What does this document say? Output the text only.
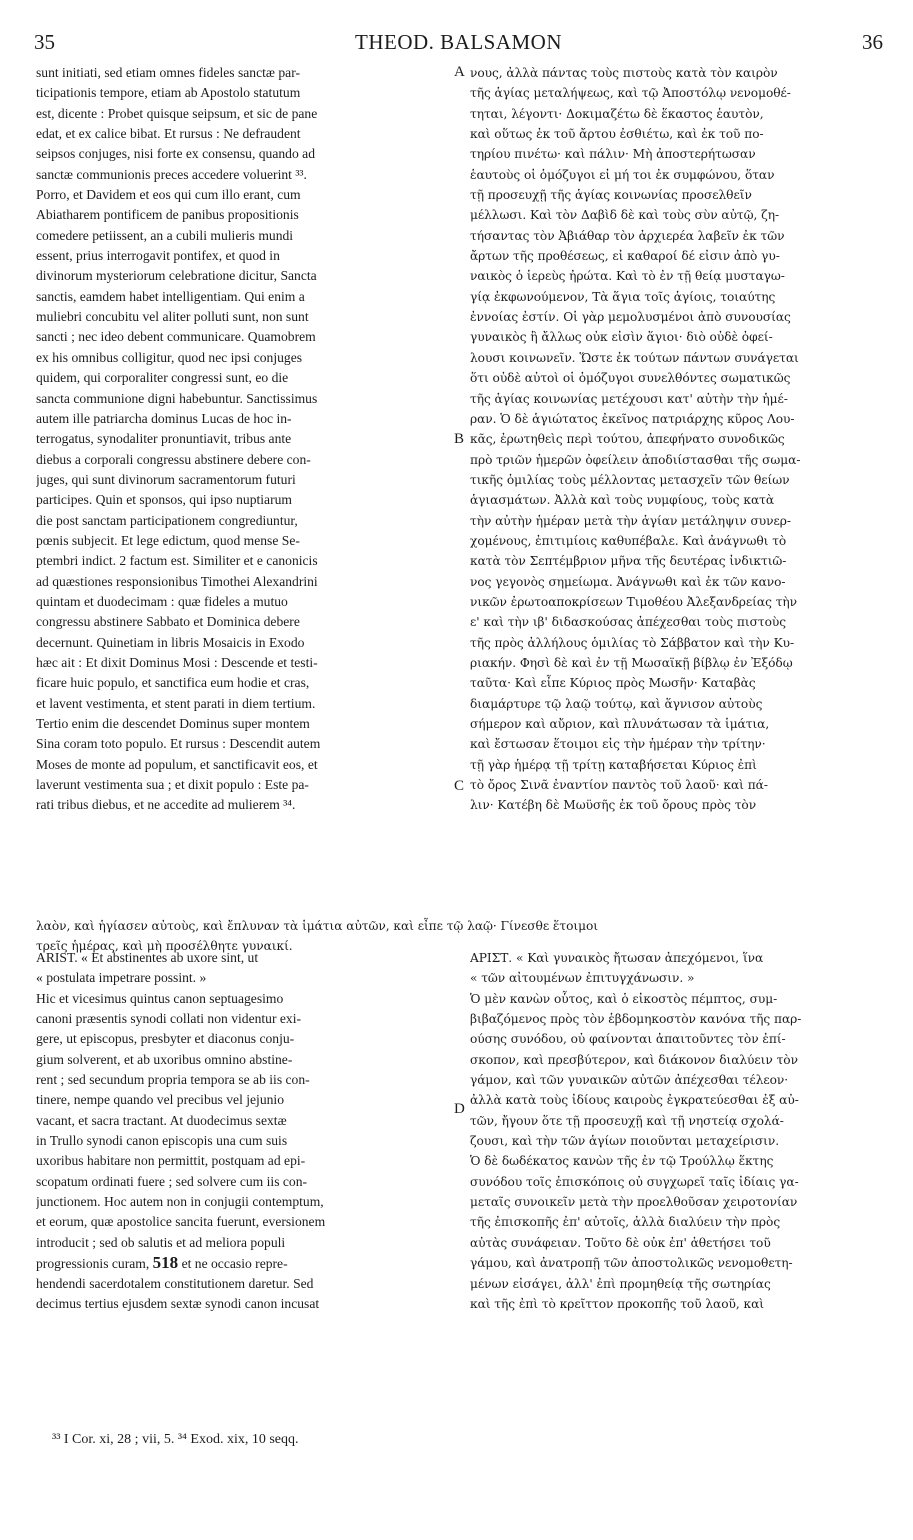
35	THEOD. BALSAMON	36
A
B
C
D
sunt initiati, sed etiam omnes fideles sanctæ par-
ticipationis tempore, etiam ab Apostolo statutum
est, dicente : Probet quisque seipsum, et sic de pane
edat, et ex calice bibat. Et rursus : Ne defraudent
seipsos conjuges, nisi forte ex consensu, quando ad
sanctæ communionis preces accedere voluerint ³³.
Porro, et Davidem et eos qui cum illo erant, cum
Abiatharem pontificem de panibus propositionis
comedere petiissent, an a cubili mulieris mundi
essent, prius interrogavit pontifex, et quod in
divinorum mysteriorum celebratione dicitur, Sancta
sanctis, eamdem habet intelligentiam. Qui enim a
muliebri concubitu vel aliter polluti sunt, non sunt
sancti ; nec ideo debent communicare. Quamobrem
ex his omnibus colligitur, quod nec ipsi conjuges
quidem, qui corporaliter congressi sunt, eo die
sancta communione digni habebuntur. Sanctissimus
autem ille patriarcha dominus Lucas de hoc in-
terrogatus, synodaliter pronuntiavit, tribus ante
diebus a corporali congressu abstinere debere con-
juges, qui sunt divinorum sacramentorum futuri
participes. Quin et sponsos, qui ipso nuptiarum
die post sanctam participationem congrediuntur,
pœnis subjecit. Et lege edictum, quod mense Se-
ptembri indict. 2 factum est. Similiter et e canonicis
ad quæstiones responsionibus Timothei Alexandrini
quintam et duodecimam : quæ fideles a mutuo
congressu abstinere Sabbato et Dominica debere
decernunt. Quinetiam in libris Mosaicis in Exodo
hæc ait : Et dixit Dominus Mosi : Descende et testi-
ficare huic populo, et sanctifica eum hodie et cras,
et lavent vestimenta, et stent parati in diem tertium.
Tertio enim die descendet Dominus super montem
Sina coram toto populo. Et rursus : Descendit autem
Moses de monte ad populum, et sanctificavit eos, et
laverunt vestimenta sua ; et dixit populo : Este pa-
rati tribus diebus, et ne accedite ad mulierem ³⁴.
νους, ἀλλὰ πάντας τοὺς πιστοὺς κατὰ τὸν καιρὸν
τῆς ἁγίας μεταλήψεως, καὶ τῷ Ἀποστόλῳ νενομοθέ-
τηται, λέγοντι· Δοκιμαζέτω δὲ ἕκαστος ἑαυτὸν,
καὶ οὕτως ἐκ τοῦ ἄρτου ἐσθιέτω, καὶ ἐκ τοῦ πο-
τηρίου πινέτω· καὶ πάλιν· Μὴ ἀποστερήτωσαν
ἑαυτοὺς οἱ ὁμόζυγοι εἰ μή τοι ἐκ συμφώνου, ὅταν
τῇ προσευχῇ τῆς ἁγίας κοινωνίας προσελθεῖν
μέλλωσι. Καὶ τὸν Δαβὶδ δὲ καὶ τοὺς σὺν αὐτῷ, ζη-
τήσαντας τὸν Ἀβιάθαρ τὸν ἀρχιερέα λαβεῖν ἐκ τῶν
ἄρτων τῆς προθέσεως, εἰ καθαροί δέ εἰσιν ἀπὸ γυ-
ναικὸς ὁ ἱερεὺς ἠρώτα. Καὶ τὸ ἐν τῇ θείᾳ μυσταγω-
γίᾳ ἐκφωνούμενον, Τὰ ἅγια τοῖς ἁγίοις, τοιαύτης
ἐννοίας ἐστίν. Οἱ γὰρ μεμολυσμένοι ἀπὸ συνουσίας
γυναικὸς ἢ ἄλλως οὐκ εἰσὶν ἅγιοι· διὸ οὐδὲ ὀφεί-
λουσι κοινωνεῖν. Ὥστε ἐκ τούτων πάντων συνάγεται
ὅτι οὐδὲ αὐτοὶ οἱ ὁμόζυγοι συνελθόντες σωματικῶς
τῆς ἁγίας κοινωνίας μετέχουσι κατ' αὐτὴν τὴν ἡμέ-
ραν. Ὁ δὲ ἁγιώτατος ἐκεῖνος πατριάρχης κῦρος Λου-
κᾶς, ἐρωτηθεὶς περὶ τούτου, ἀπεφήνατο συνοδικῶς
πρὸ τριῶν ἡμερῶν ὀφείλειν ἀποδιίστασθαι τῆς σωμα-
τικῆς ὁμιλίας τοὺς μέλλοντας μετασχεῖν τῶν θείων
ἁγιασμάτων. Ἀλλὰ καὶ τοὺς νυμφίους, τοὺς κατὰ
τὴν αὐτὴν ἡμέραν μετὰ τὴν ἁγίαν μετάληψιν συνερ-
χομένους, ἐπιτιμίοις καθυπέβαλε. Καὶ ἀνάγνωθι τὸ
κατὰ τὸν Σεπτέμβριον μῆνα τῆς δευτέρας ἰνδικτιῶ-
νος γεγονὸς σημείωμα. Ἀνάγνωθι καὶ ἐκ τῶν κανο-
νικῶν ἐρωτοαποκρίσεων Τιμοθέου Ἀλεξανδρείας τὴν
ε' καὶ τὴν ιβ' διδασκούσας ἀπέχεσθαι τοὺς πιστοὺς
τῆς πρὸς ἀλλήλους ὁμιλίας τὸ Σάββατον καὶ τὴν Κυ-
ριακήν. Φησὶ δὲ καὶ ἐν τῇ Μωσαϊκῇ βίβλῳ ἐν Ἐξόδῳ
ταῦτα· Καὶ εἶπε Κύριος πρὸς Μωσῆν· Καταβὰς
διαμάρτυρε τῷ λαῷ τούτῳ, καὶ ἅγνισον αὐτοὺς
σήμερον καὶ αὔριον, καὶ πλυνάτωσαν τὰ ἱμάτια,
καὶ ἔστωσαν ἕτοιμοι εἰς τὴν ἡμέραν τὴν τρίτην·
τῇ γὰρ ἡμέρᾳ τῇ τρίτῃ καταβήσεται Κύριος ἐπὶ
τὸ ὄρος Σινᾶ ἐναντίον παντὸς τοῦ λαοῦ· καὶ πά-
λιν· Κατέβη δὲ Μωϋσῆς ἐκ τοῦ ὄρους πρὸς τὸν
λαὸν, καὶ ἡγίασεν αὐτοὺς, καὶ ἔπλυναν τὰ ἱμάτια αὐτῶν, καὶ εἶπε τῷ λαῷ· Γίνεσθε ἕτοιμοι
τρεῖς ἡμέρας, καὶ μὴ προσέλθητε γυναικί.
ARIST. « Et abstinentes ab uxore sint, ut
« postulata impetrare possint. »
Hic et vicesimus quintus canon septuagesimo
canoni præsentis synodi collati non videntur exi-
gere, ut episcopus, presbyter et diaconus conju-
gium solverent, et ab uxoribus omnino abstine-
rent ; sed secundum propria tempora se ab iis con-
tinere, nempe quando vel precibus vel jejunio
vacant, et sacra tractant. At duodecimus sextæ
in Trullo synodi canon episcopis una cum suis
uxoribus habitare non permittit, postquam ad epi-
scopatum ordinati fuere ; sed solvere cum iis con-
junctionem. Hoc autem non in conjugii contemptum,
et eorum, quæ apostolice sancita fuerunt, eversionem
introducit ; sed ob salutis et ad meliora populi
progressionis curam, 518 et ne occasio repre-
hendendi sacerdotalem constitutionem daretur. Sed
decimus tertius ejusdem sextæ synodi canon incusat
ΑΡΙΣΤ. « Καὶ γυναικὸς ἤτωσαν ἀπεχόμενοι, ἵνα
« τῶν αἰτουμένων ἐπιτυγχάνωσιν. »
Ὁ μὲν κανὼν οὗτος, καὶ ὁ εἰκοστὸς πέμπτος, συμ-
βιβαζόμενος πρὸς τὸν ἑβδομηκοστὸν κανόνα τῆς παρ-
ούσης συνόδου, οὐ φαίνονται ἀπαιτοῦντες τὸν ἐπί-
σκοπον, καὶ πρεσβύτερον, καὶ διάκονον διαλύειν τὸν
γάμον, καὶ τῶν γυναικῶν αὐτῶν ἀπέχεσθαι τέλεον·
ἀλλὰ κατὰ τοὺς ἰδίους καιροὺς ἐγκρατεύεσθαι ἐξ αὐ-
τῶν, ἤγουν ὅτε τῇ προσευχῇ καὶ τῇ νηστείᾳ σχολά-
ζουσι, καὶ τὴν τῶν ἁγίων ποιοῦνται μεταχείρισιν.
Ὁ δὲ δωδέκατος κανὼν τῆς ἐν τῷ Τρούλλῳ ἕκτης
συνόδου τοῖς ἐπισκόποις οὐ συγχωρεῖ ταῖς ἰδίαις γα-
μεταῖς συνοικεῖν μετὰ τὴν προελθοῦσαν χειροτονίαν
τῆς ἐπισκοπῆς ἐπ' αὐτοῖς, ἀλλὰ διαλύειν τὴν πρὸς
αὐτὰς συνάφειαν. Τοῦτο δὲ οὐκ ἐπ' ἀθετήσει τοῦ
γάμου, καὶ ἀνατροπῇ τῶν ἀποστολικῶς νενομοθετη-
μένων εἰσάγει, ἀλλ' ἐπὶ προμηθείᾳ τῆς σωτηρίας
καὶ τῆς ἐπὶ τὸ κρεῖττον προκοπῆς τοῦ λαοῦ, καὶ
³³ I Cor. xi, 28 ; vii, 5. ³⁴ Exod. xix, 10 seqq.
